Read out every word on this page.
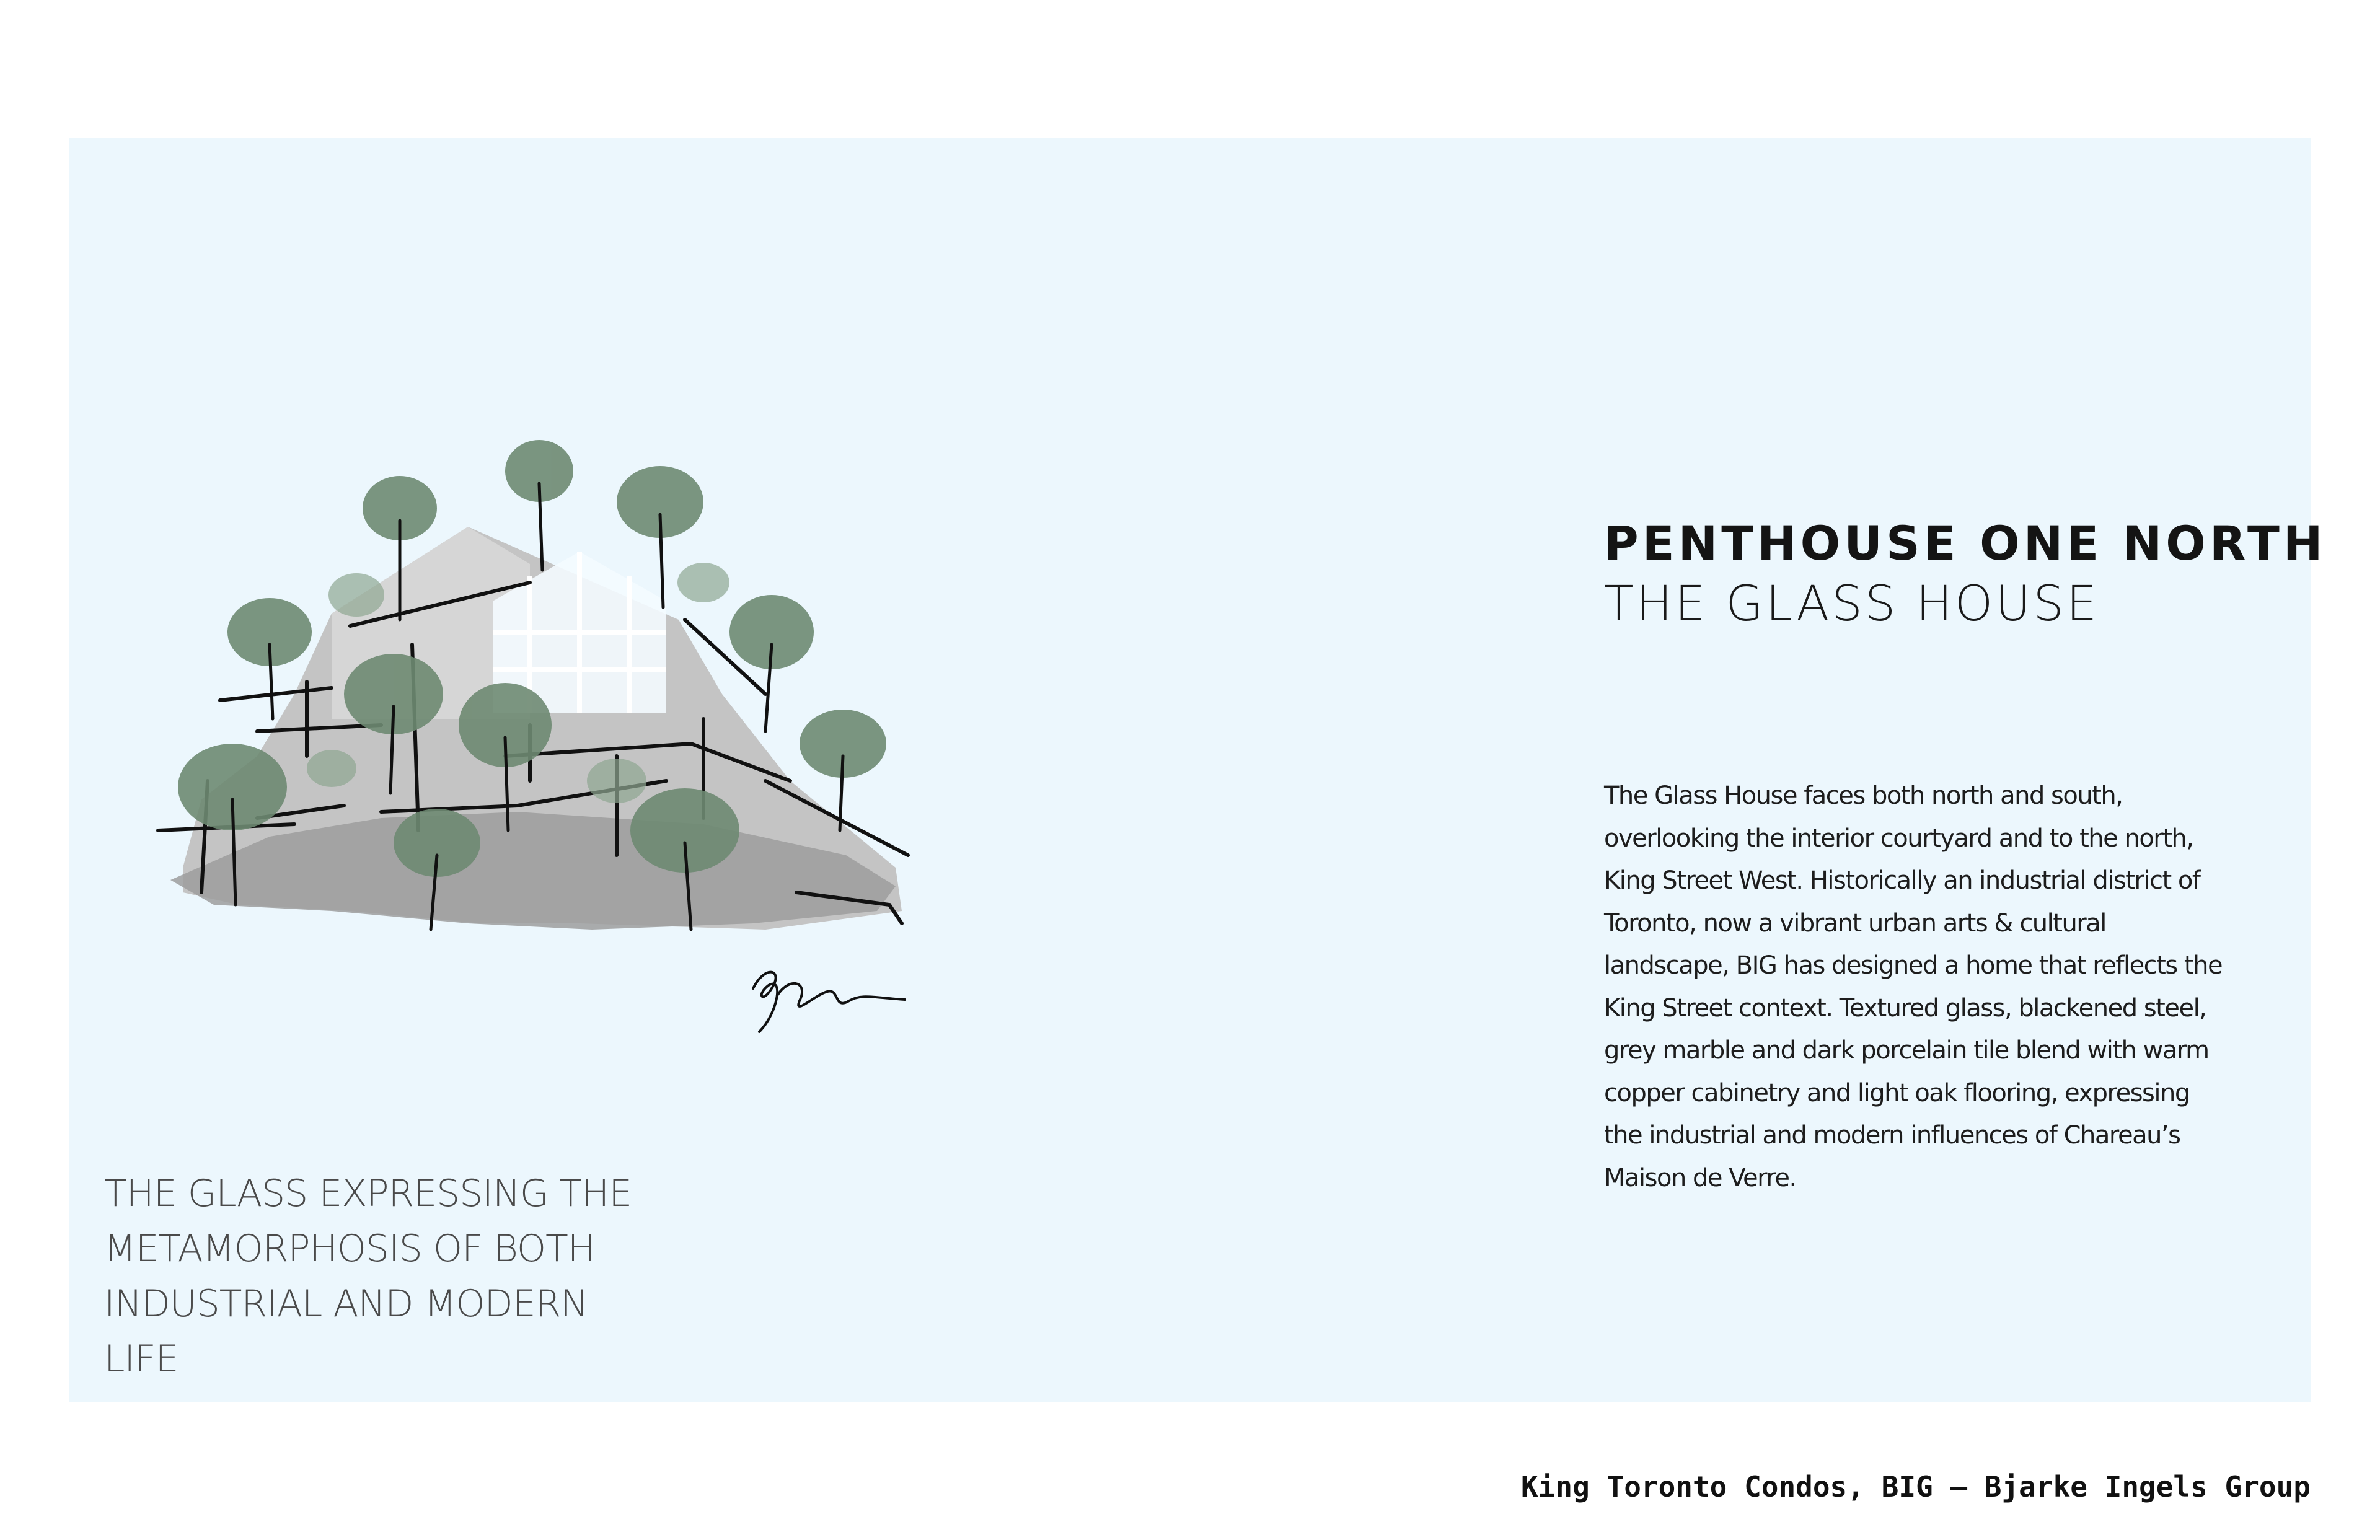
THE GLASS EXPRESSING THE METAMORPHOSIS OF BOTH INDUSTRIAL AND MODERN LIFE
PENTHOUSE ONE NORTH
THE GLASS HOUSE
The Glass House faces both north and south, overlooking the interior courtyard and to the north, King Street West. Historically an industrial district of Toronto, now a vibrant urban arts & cultural landscape, BIG has designed a home that reflects the King Street context. Textured glass, blackened steel, grey marble and dark porcelain tile blend with warm copper cabinetry and light oak flooring, expressing the industrial and modern influences of Chareau’s Maison de Verre.
King Toronto Condos, BIG – Bjarke Ingels Group
